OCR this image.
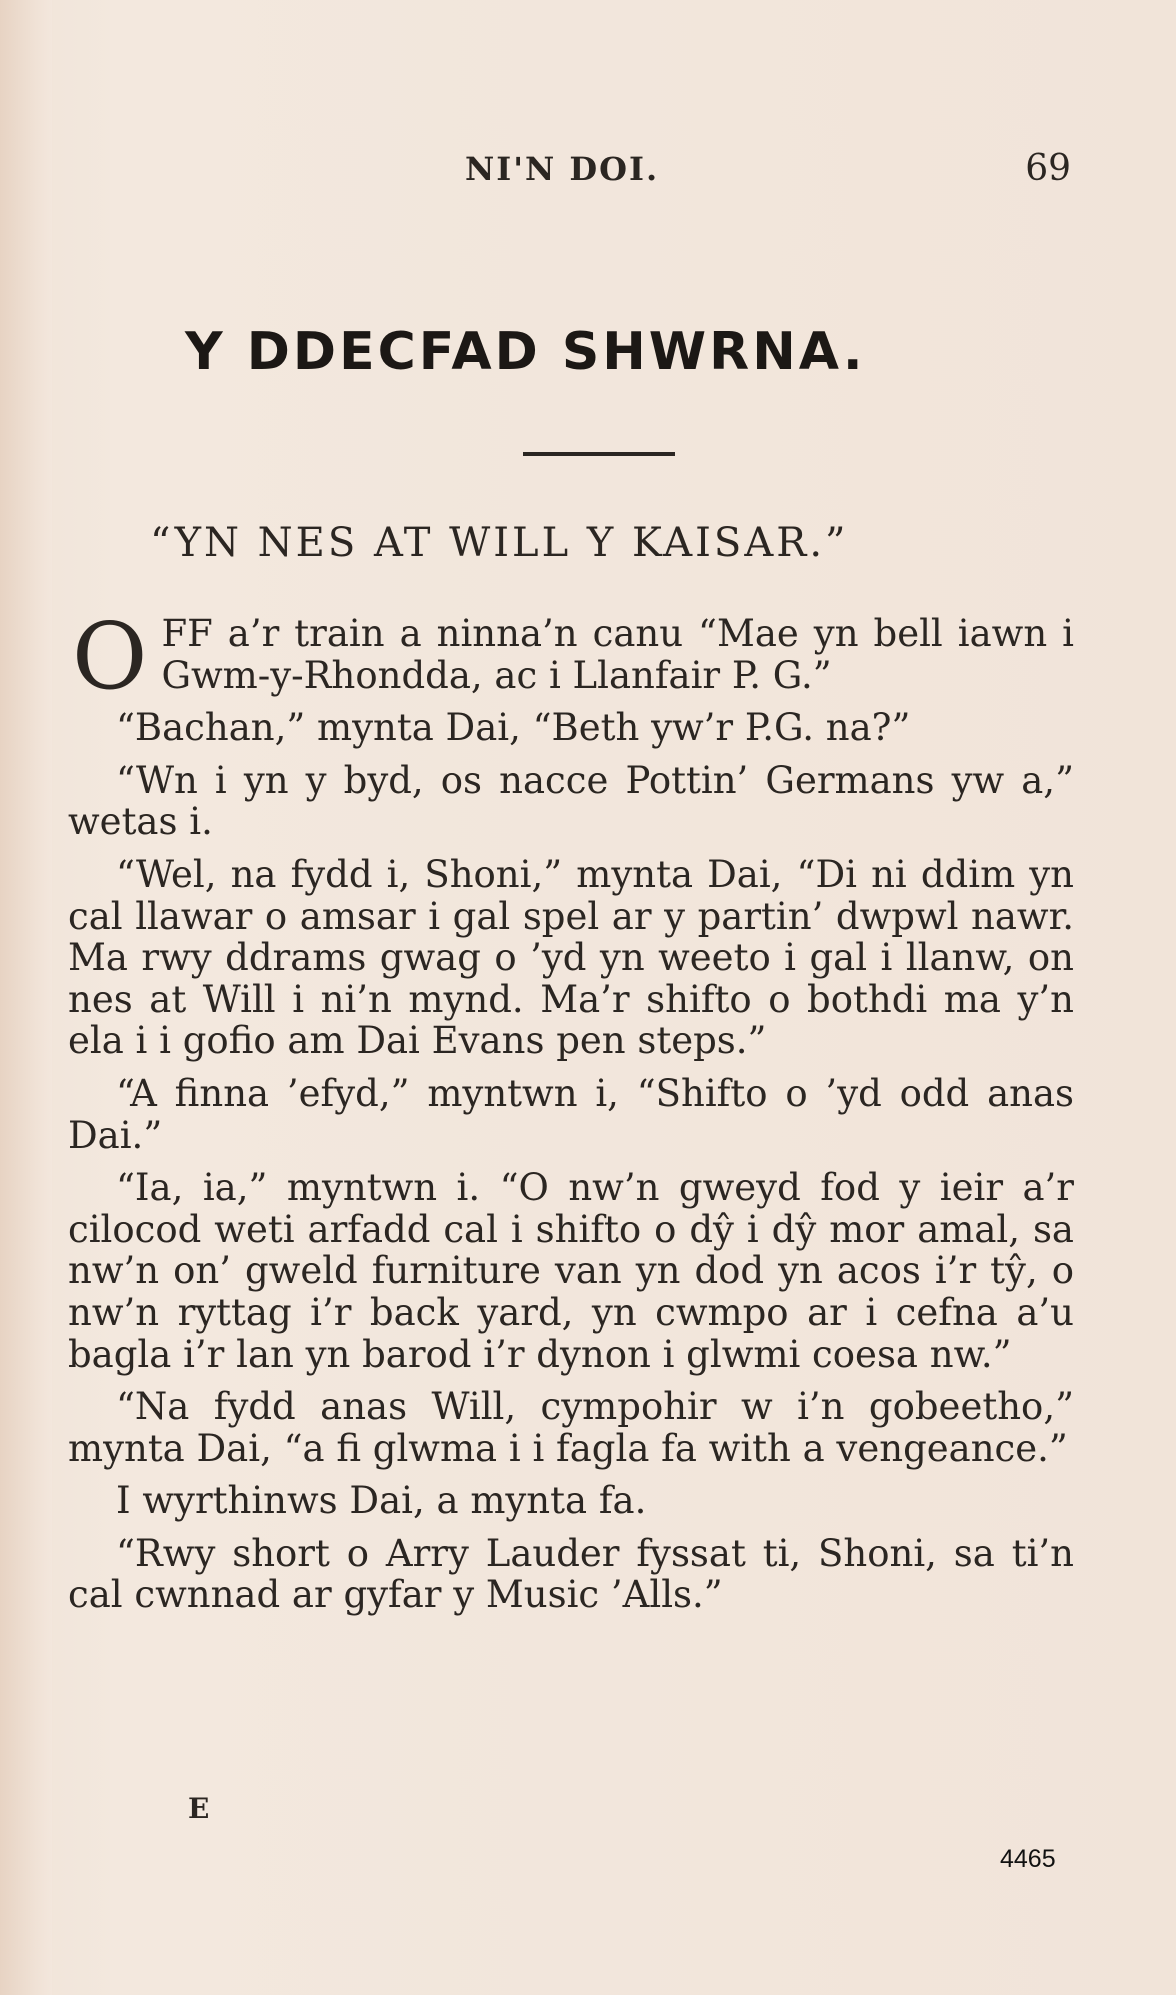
NI'N DOI.	69
Y DDECFAD SHWRNA.
“YN NES AT WILL Y KAISAR.”

OFF a’r train a ninna’n canu “Mae yn bell iawn i Gwm-y-Rhondda, ac i Llanfair P. G.”

“Bachan,” mynta Dai, “Beth yw’r P.G. na?”

“Wn i yn y byd, os nacce Pottin’ Germans yw a,” wetas i.

“Wel, na fydd i, Shoni,” mynta Dai, “Di ni ddim yn cal llawar o amsar i gal spel ar y partin’ dwpwl nawr. Ma rwy ddrams gwag o ’yd yn weeto i gal i llanw, on nes at Will i ni’n mynd. Ma’r shifto o bothdi ma y’n ela i i gofio am Dai Evans pen steps.”

“A finna ’efyd,” myntwn i, “Shifto o ’yd odd anas Dai.”

“Ia, ia,” myntwn i. “O nw’n gweyd fod y ieir a’r cilocod weti arfadd cal i shifto o dŷ i dŷ mor amal, sa nw’n on’ gweld furniture van yn dod yn acos i’r tŷ, o nw’n ryttag i’r back yard, yn cwmpo ar i cefna a’u bagla i’r lan yn barod i’r dynon i glwmi coesa nw.”

“Na fydd anas Will, cympohir w i’n gobeetho,” mynta Dai, “a fi glwma i i fagla fa with a vengeance.”

I wyrthinws Dai, a mynta fa.

“Rwy short o Arry Lauder fyssat ti, Shoni, sa ti’n cal cwnnad ar gyfar y Music ’Alls.”

E
4465
